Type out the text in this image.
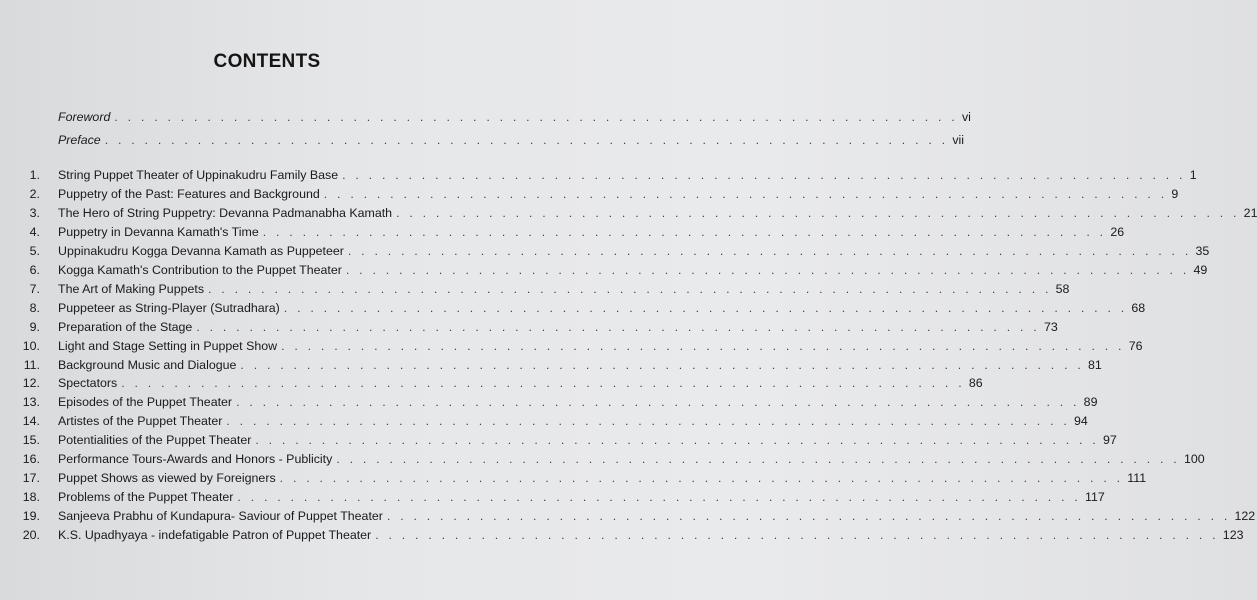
CONTENTS
Foreword . . . . . . . . . . . . . . . . . . . . . . . . . . . . . . . . . . . . . . . . . . . . . . . . . . . . . . . . . . . . . . . . vi
Preface . . . . . . . . . . . . . . . . . . . . . . . . . . . . . . . . . . . . . . . . . . . . . . . . . . . . . . . . . . . . . . . . vii
1. String Puppet Theater of Uppinakudru Family Base . . . . . . . . . . . . . . . . . . . . . . . . . . . . . . . . . . . . . . . . . . . . . . . . . . . . . . . . . . . . . . . . 1
2. Puppetry of the Past: Features and Background . . . . . . . . . . . . . . . . . . . . . . . . . . . . . . . . . . . . . . . . . . . . . . . . . . . . . . . . . . . . . . . . 9
3. The Hero of String Puppetry: Devanna Padmanabha Kamath . . . . . . . . . . . . . . . . . . . . . . . . . . . . . . . . . . . . . . . . . . . . . . . . . . . . . . . . . . . . . . . . 21
4. Puppetry in Devanna Kamath's Time . . . . . . . . . . . . . . . . . . . . . . . . . . . . . . . . . . . . . . . . . . . . . . . . . . . . . . . . . . . . . . . . 26
5. Uppinakudru Kogga Devanna Kamath as Puppeteer . . . . . . . . . . . . . . . . . . . . . . . . . . . . . . . . . . . . . . . . . . . . . . . . . . . . . . . . . . . . . . . . 35
6. Kogga Kamath's Contribution to the Puppet Theater . . . . . . . . . . . . . . . . . . . . . . . . . . . . . . . . . . . . . . . . . . . . . . . . . . . . . . . . . . . . . . . . 49
7. The Art of Making Puppets . . . . . . . . . . . . . . . . . . . . . . . . . . . . . . . . . . . . . . . . . . . . . . . . . . . . . . . . . . . . . . . . 58
8. Puppeteer as String-Player (Sutradhara) . . . . . . . . . . . . . . . . . . . . . . . . . . . . . . . . . . . . . . . . . . . . . . . . . . . . . . . . . . . . . . . . 68
9. Preparation of the Stage . . . . . . . . . . . . . . . . . . . . . . . . . . . . . . . . . . . . . . . . . . . . . . . . . . . . . . . . . . . . . . . . 73
10. Light and Stage Setting in Puppet Show . . . . . . . . . . . . . . . . . . . . . . . . . . . . . . . . . . . . . . . . . . . . . . . . . . . . . . . . . . . . . . . . 76
11. Background Music and Dialogue . . . . . . . . . . . . . . . . . . . . . . . . . . . . . . . . . . . . . . . . . . . . . . . . . . . . . . . . . . . . . . . . 81
12. Spectators . . . . . . . . . . . . . . . . . . . . . . . . . . . . . . . . . . . . . . . . . . . . . . . . . . . . . . . . . . . . . . . . 86
13. Episodes of the Puppet Theater . . . . . . . . . . . . . . . . . . . . . . . . . . . . . . . . . . . . . . . . . . . . . . . . . . . . . . . . . . . . . . . . 89
14. Artistes of the Puppet Theater . . . . . . . . . . . . . . . . . . . . . . . . . . . . . . . . . . . . . . . . . . . . . . . . . . . . . . . . . . . . . . . . 94
15. Potentialities of the Puppet Theater . . . . . . . . . . . . . . . . . . . . . . . . . . . . . . . . . . . . . . . . . . . . . . . . . . . . . . . . . . . . . . . . 97
16. Performance Tours-Awards and Honors - Publicity . . . . . . . . . . . . . . . . . . . . . . . . . . . . . . . . . . . . . . . . . . . . . . . . . . . . . . . . . . . . . . . . 100
17. Puppet Shows as viewed by Foreigners . . . . . . . . . . . . . . . . . . . . . . . . . . . . . . . . . . . . . . . . . . . . . . . . . . . . . . . . . . . . . . . . 111
18. Problems of the Puppet Theater . . . . . . . . . . . . . . . . . . . . . . . . . . . . . . . . . . . . . . . . . . . . . . . . . . . . . . . . . . . . . . . . 117
19. Sanjeeva Prabhu of Kundapura- Saviour of Puppet Theater . . . . . . . . . . . . . . . . . . . . . . . . . . . . . . . . . . . . . . . . . . . . . . . . . . . . . . . . . . . . . . . . 122
20. K.S. Upadhyaya - indefatigable Patron of Puppet Theater . . . . . . . . . . . . . . . . . . . . . . . . . . . . . . . . . . . . . . . . . . . . . . . . . . . . . . . . . . . . . . . . 123
